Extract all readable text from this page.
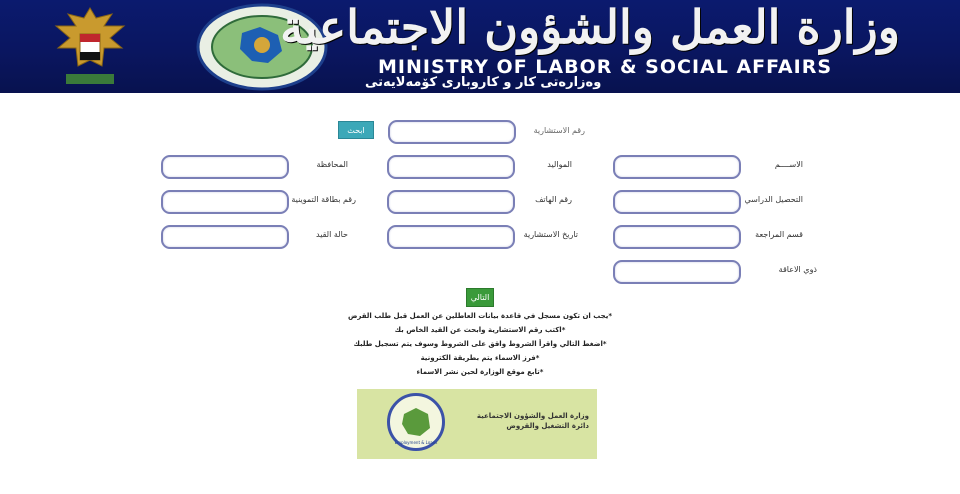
وزارة العمل والشؤون الاجتماعية
MINISTRY OF LABOR & SOCIAL AFFAIRS
وه‌زاره‌تی كار و كاروباری كۆمه‌لایه‌تی
ابحث	رقم الاستشارية
المحافظة	المواليد	الاســــم
رقم بطاقة التموينية	رقم الهاتف	التحصيل الدراسي
حالة القيد	تاريخ الاستشارية	قسم المراجعة
ذوي الاعاقة
التالي
*يجب ان تكون مسجل في قاعدة بيانات العاطلين عن العمل قبل طلب القرض
*اكتب رقم الاستشارية وابحث عن القيد الخاص بك
*اضغط التالي واقرأ الشروط واقق على الشروط وسوف يتم تسجيل طلبك
*فرز الاسماء يتم بطريقة الكترونية
*تابع موقع الوزارة لحين نشر الاسماء
Employment & Loans
وزارة العمل والشؤون الاجتماعية
دائرة التشغيل والقروض
